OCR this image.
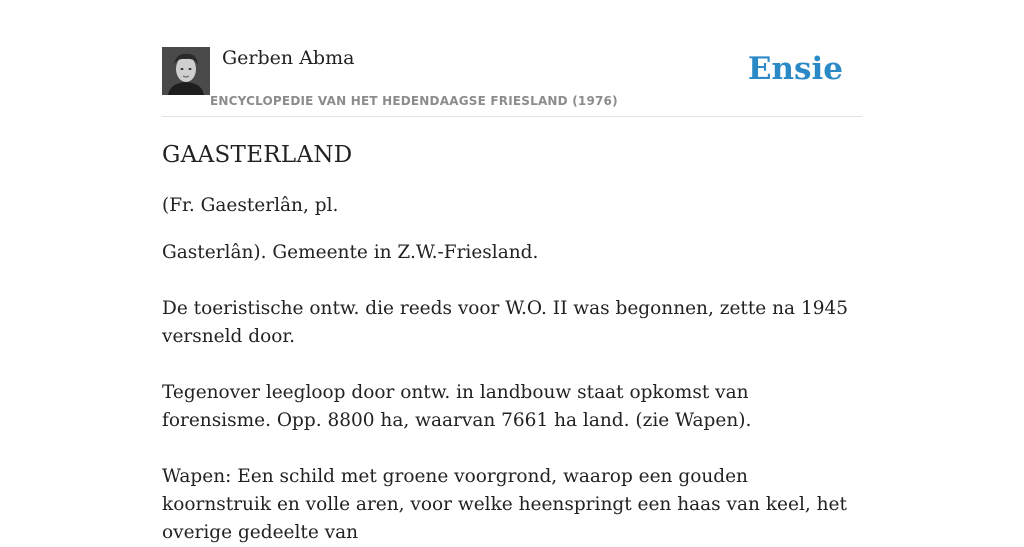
Gerben Abma
ENCYCLOPEDIE VAN HET HEDENDAAGSE FRIESLAND (1976)
Ensie
GAASTERLAND

(Fr. Gaesterlân, pl.

Gasterlân). Gemeente in Z.W.-Friesland.

De toeristische ontw. die reeds voor W.O. II was begonnen, zette na 1945 versneld door.

Tegenover leegloop door ontw. in landbouw staat opkomst van forensisme. Opp. 8800 ha, waarvan 7661 ha land. (zie Wapen).

Wapen: Een schild met groene voorgrond, waarop een gouden koornstruik en volle aren, voor welke heenspringt een haas van keel, het overige gedeelte van
